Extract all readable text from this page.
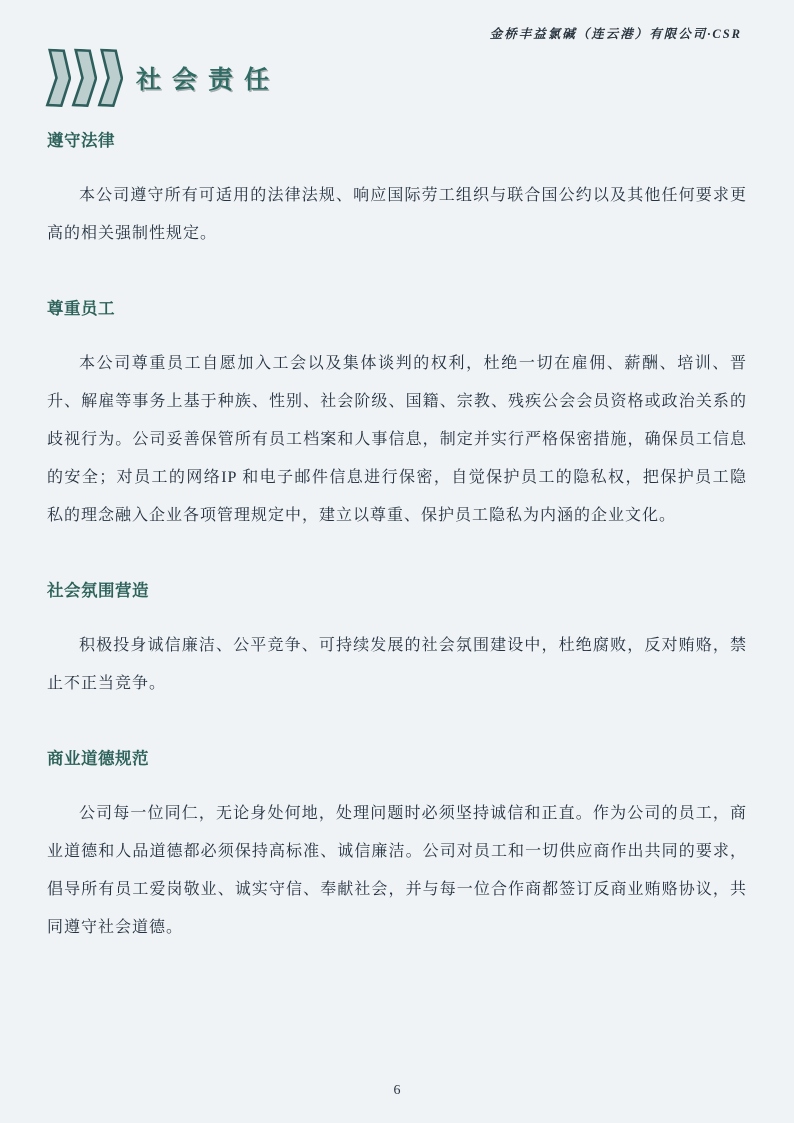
金桥丰益氯碱（连云港）有限公司·CSR
社会责任
遵守法律

本公司遵守所有可适用的法律法规、响应国际劳工组织与联合国公约以及其他任何要求更高的相关强制性规定。

尊重员工

本公司尊重员工自愿加入工会以及集体谈判的权利，杜绝一切在雇佣、薪酬、培训、晋升、解雇等事务上基于种族、性别、社会阶级、国籍、宗教、残疾公会会员资格或政治关系的歧视行为。公司妥善保管所有员工档案和人事信息，制定并实行严格保密措施，确保员工信息的安全；对员工的网络IP 和电子邮件信息进行保密，自觉保护员工的隐私权，把保护员工隐私的理念融入企业各项管理规定中，建立以尊重、保护员工隐私为内涵的企业文化。

社会氛围营造

积极投身诚信廉洁、公平竞争、可持续发展的社会氛围建设中，杜绝腐败，反对贿赂，禁止不正当竞争。

商业道德规范

公司每一位同仁，无论身处何地，处理问题时必须坚持诚信和正直。作为公司的员工，商业道德和人品道德都必须保持高标准、诚信廉洁。公司对员工和一切供应商作出共同的要求，倡导所有员工爱岗敬业、诚实守信、奉献社会，并与每一位合作商都签订反商业贿赂协议，共同遵守社会道德。

6
